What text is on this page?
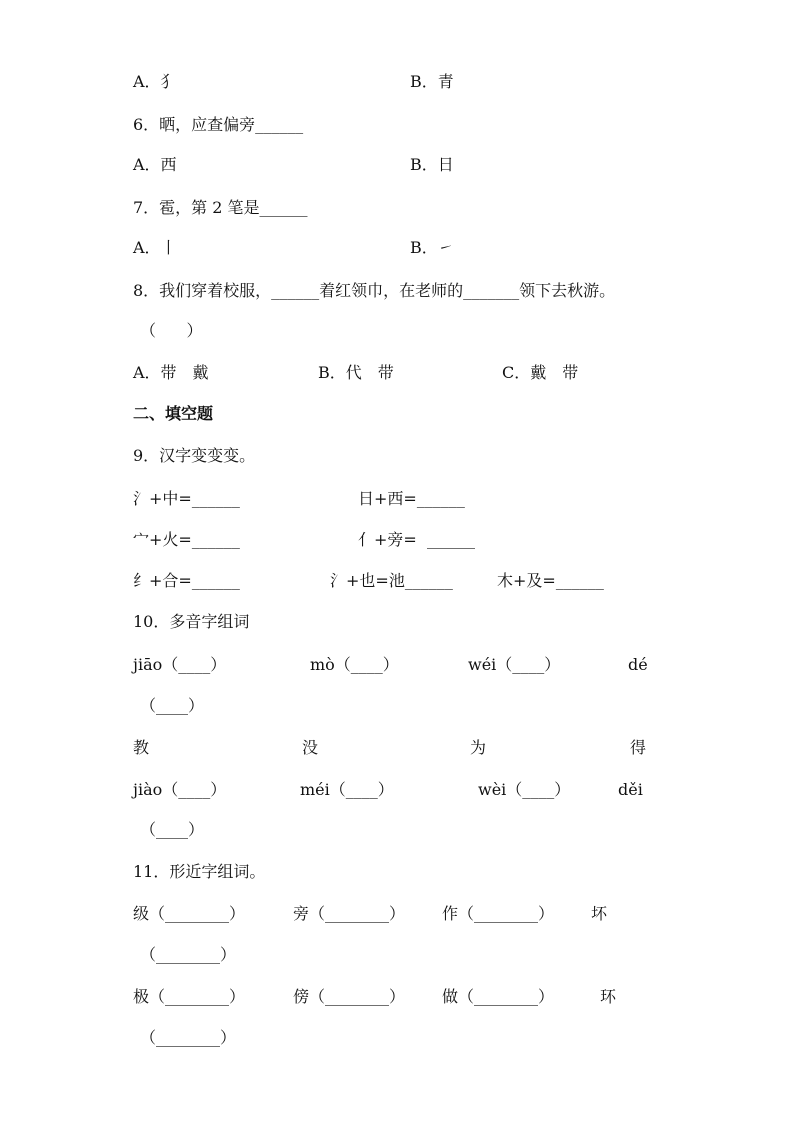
A．犭	B．青
6．晒，应查偏旁______
A．西	B．日
7．雹，第 2 笔是______
A．丨	B．㇀
8．我们穿着校服，______着红领巾，在老师的_______领下去秋游。
（      ）
A．带　戴	B．代　带	C．戴　带
二、填空题
9．汉字变变变。
氵+中=______	日+西=______
宀+火=______	亻+旁=  ______
纟+合=______	氵+也=池______	木+及=______
10．多音字组词
jiāo（____）	mò（____）	wéi（____）	dé
（____）
教	没	为	得
jiào（____）	méi（____）	wèi（____）	děi
（____）
11．形近字组词。
级（________）	旁（________） 作（________） 坏
（________）
极（________）	傍（________） 做（________）	环
（________）
